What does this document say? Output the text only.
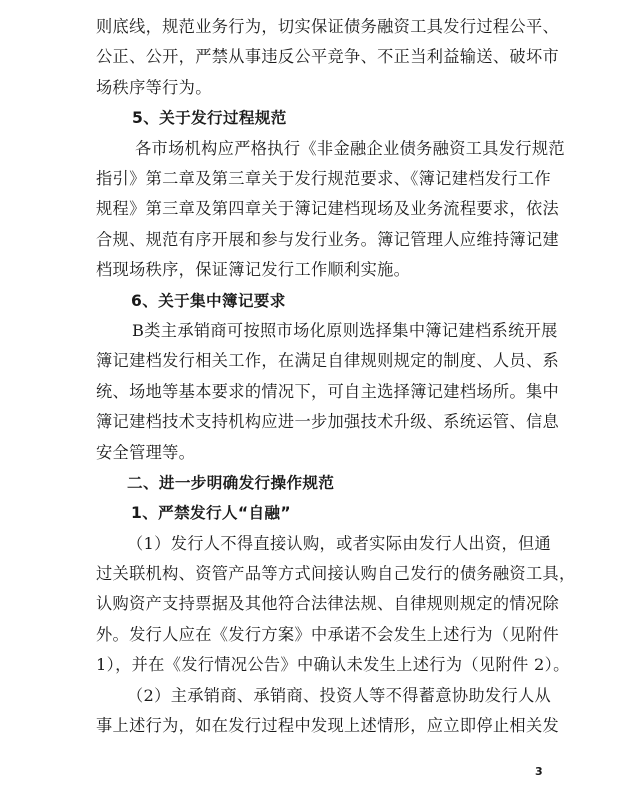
则底线，规范业务行为，切实保证债务融资工具发行过程公平、
公正、公开，严禁从事违反公平竞争、不正当利益输送、破坏市
场秩序等行为。
5、关于发行过程规范
各市场机构应严格执行《非金融企业债务融资工具发行规范
指引》第二章及第三章关于发行规范要求、《簿记建档发行工作
规程》第三章及第四章关于簿记建档现场及业务流程要求，依法
合规、规范有序开展和参与发行业务。簿记管理人应维持簿记建
档现场秩序，保证簿记发行工作顺利实施。
6、关于集中簿记要求
B类主承销商可按照市场化原则选择集中簿记建档系统开展
簿记建档发行相关工作，在满足自律规则规定的制度、人员、系
统、场地等基本要求的情况下，可自主选择簿记建档场所。集中
簿记建档技术支持机构应进一步加强技术升级、系统运管、信息
安全管理等。
二、进一步明确发行操作规范
1、严禁发行人“自融”
（1）发行人不得直接认购，或者实际由发行人出资，但通
过关联机构、资管产品等方式间接认购自己发行的债务融资工具，
认购资产支持票据及其他符合法律法规、自律规则规定的情况除
外。发行人应在《发行方案》中承诺不会发生上述行为（见附件
1），并在《发行情况公告》中确认未发生上述行为（见附件 2）。
（2）主承销商、承销商、投资人等不得蓄意协助发行人从
事上述行为，如在发行过程中发现上述情形，应立即停止相关发
3
